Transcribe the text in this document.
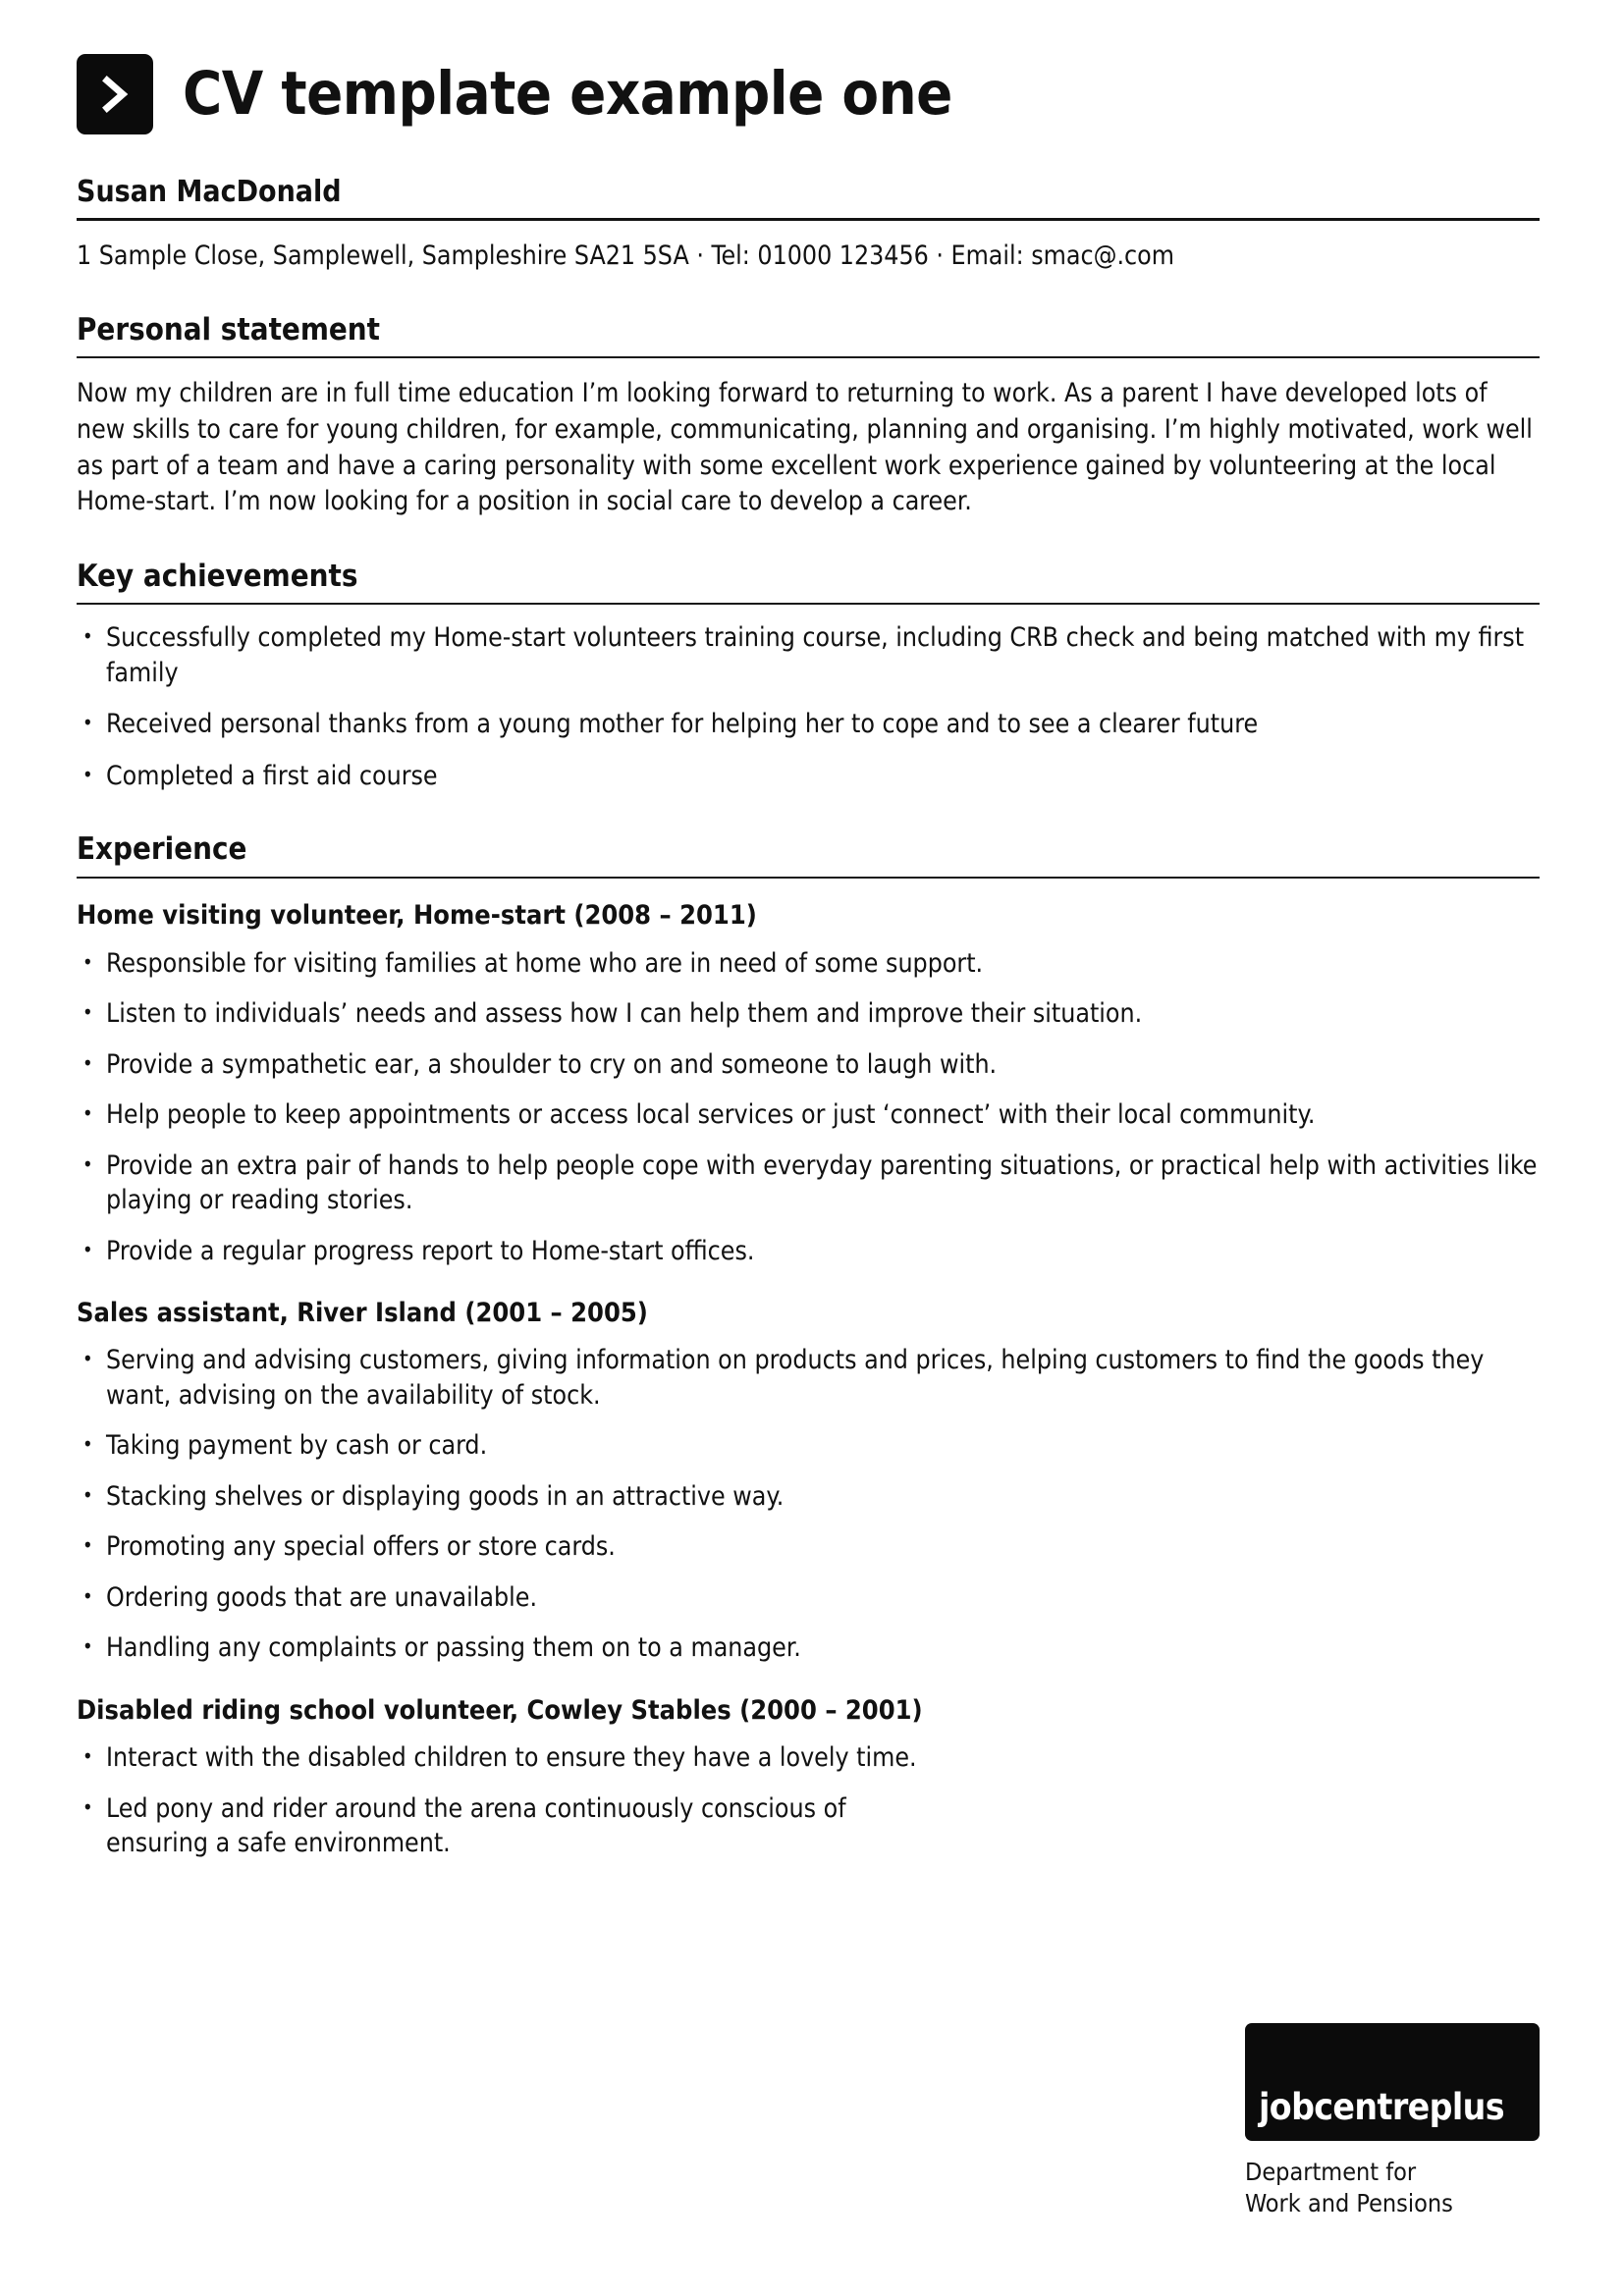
CV template example one
Susan MacDonald

1 Sample Close, Samplewell, Sampleshire SA21 5SA · Tel: 01000 123456 · Email: smac@.com

Personal statement

Now my children are in full time education I’m looking forward to returning to work. As a parent I have developed lots of new skills to care for young children, for example, communicating, planning and organising. I’m highly motivated, work well as part of a team and have a caring personality with some excellent work experience gained by volunteering at the local Home-start. I’m now looking for a position in social care to develop a career.

Key achievements
• Successfully completed my Home-start volunteers training course, including CRB check and being matched with my first family
• Received personal thanks from a young mother for helping her to cope and to see a clearer future
• Completed a first aid course
Experience
Home visiting volunteer, Home-start (2008 – 2011)
• Responsible for visiting families at home who are in need of some support.
• Listen to individuals’ needs and assess how I can help them and improve their situation.
• Provide a sympathetic ear, a shoulder to cry on and someone to laugh with.
• Help people to keep appointments or access local services or just ‘connect’ with their local community.
• Provide an extra pair of hands to help people cope with everyday parenting situations, or practical help with activities like playing or reading stories.
• Provide a regular progress report to Home-start offices.
Sales assistant, River Island (2001 – 2005)
• Serving and advising customers, giving information on products and prices, helping customers to find the goods they want, advising on the availability of stock.
• Taking payment by cash or card.
• Stacking shelves or displaying goods in an attractive way.
• Promoting any special offers or store cards.
• Ordering goods that are unavailable.
• Handling any complaints or passing them on to a manager.
Disabled riding school volunteer, Cowley Stables (2000 – 2001)
• Interact with the disabled children to ensure they have a lovely time.
• Led pony and rider around the arena continuously conscious of ensuring a safe environment.
jobcentreplus
Department for
Work and Pensions
